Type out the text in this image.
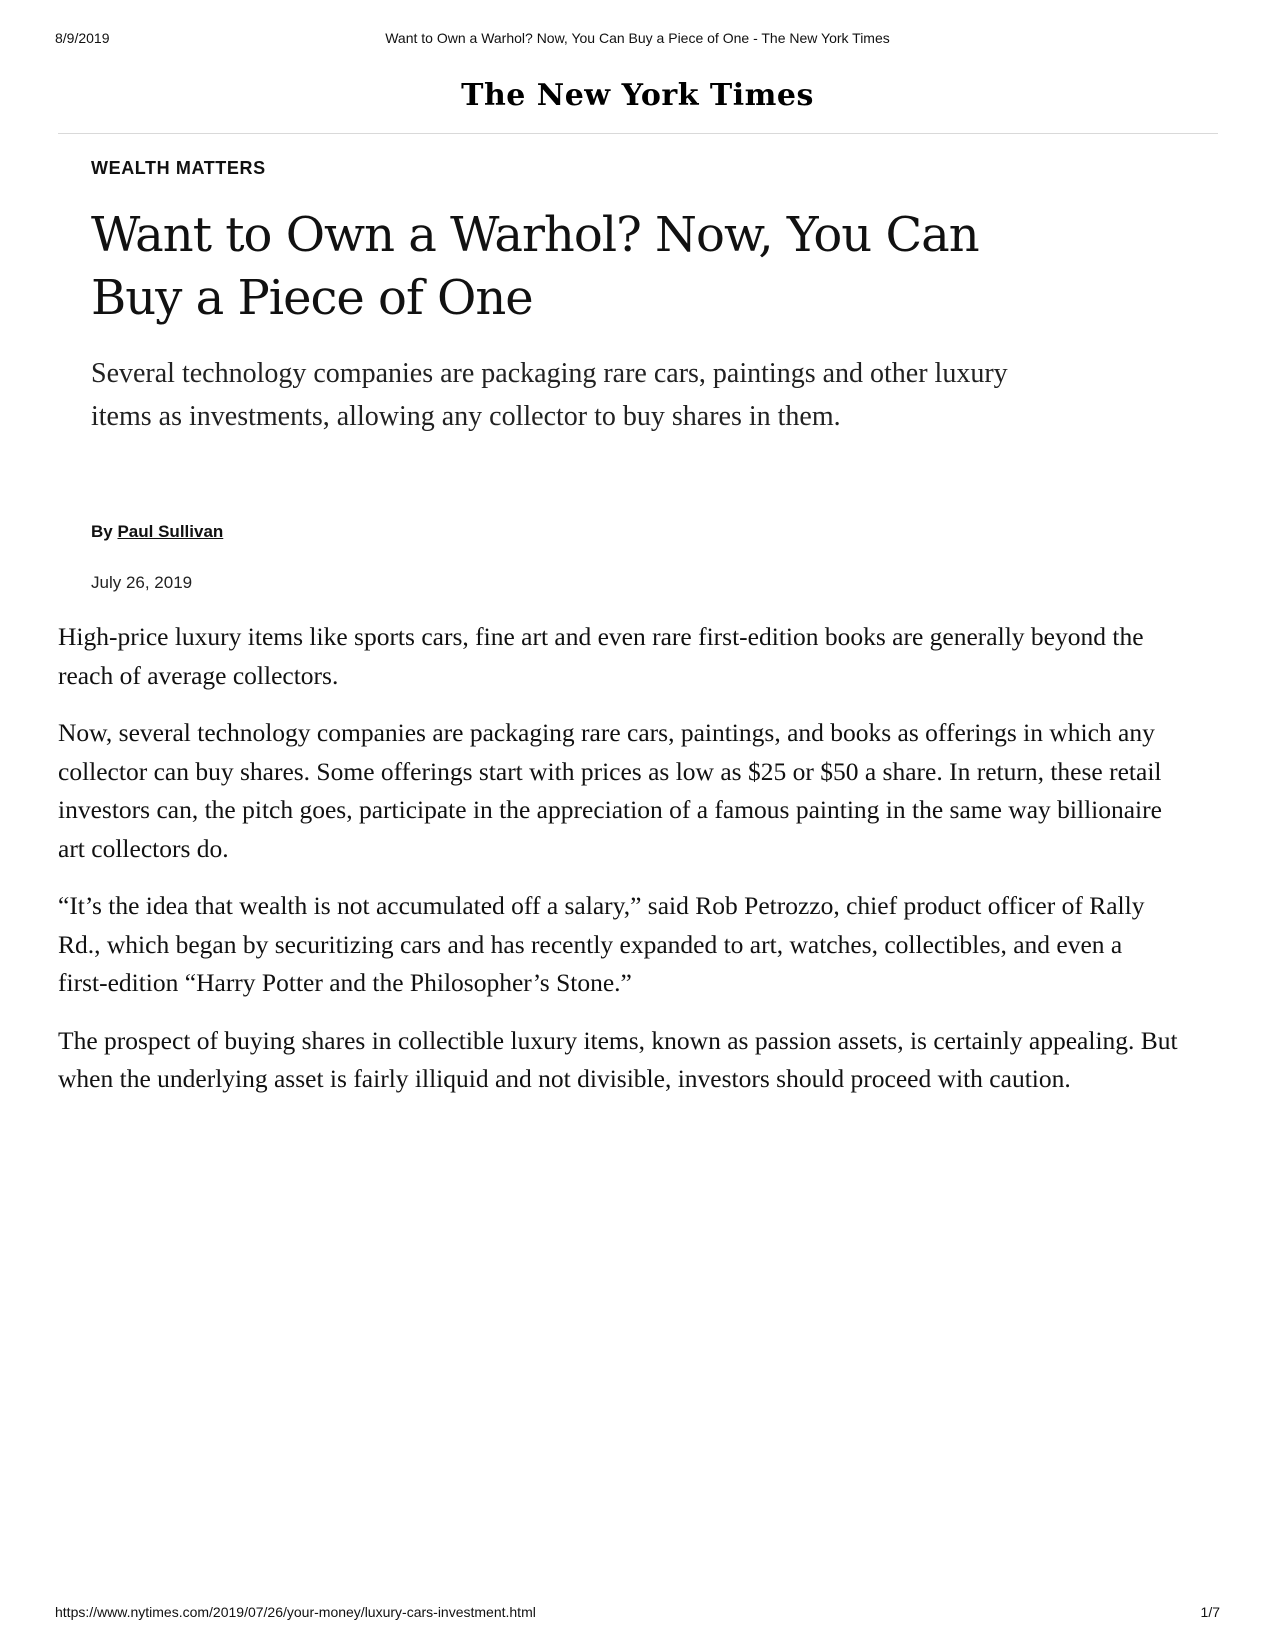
8/9/2019	Want to Own a Warhol? Now, You Can Buy a Piece of One - The New York Times
The New York Times
WEALTH MATTERS
Want to Own a Warhol? Now, You Can
Buy a Piece of One

Several technology companies are packaging rare cars, paintings and other luxury items as investments, allowing any collector to buy shares in them.

By Paul Sullivan
July 26, 2019

High-price luxury items like sports cars, fine art and even rare first-edition books are generally beyond the reach of average collectors.

Now, several technology companies are packaging rare cars, paintings, and books as offerings in which any collector can buy shares. Some offerings start with prices as low as $25 or $50 a share. In return, these retail investors can, the pitch goes, participate in the appreciation of a famous painting in the same way billionaire art collectors do.

“It’s the idea that wealth is not accumulated off a salary,” said Rob Petrozzo, chief product officer of Rally Rd., which began by securitizing cars and has recently expanded to art, watches, collectibles, and even a first-edition “Harry Potter and the Philosopher’s Stone.”

The prospect of buying shares in collectible luxury items, known as passion assets, is certainly appealing. But when the underlying asset is fairly illiquid and not divisible, investors should proceed with caution.

https://www.nytimes.com/2019/07/26/your-money/luxury-cars-investment.html	1/7
